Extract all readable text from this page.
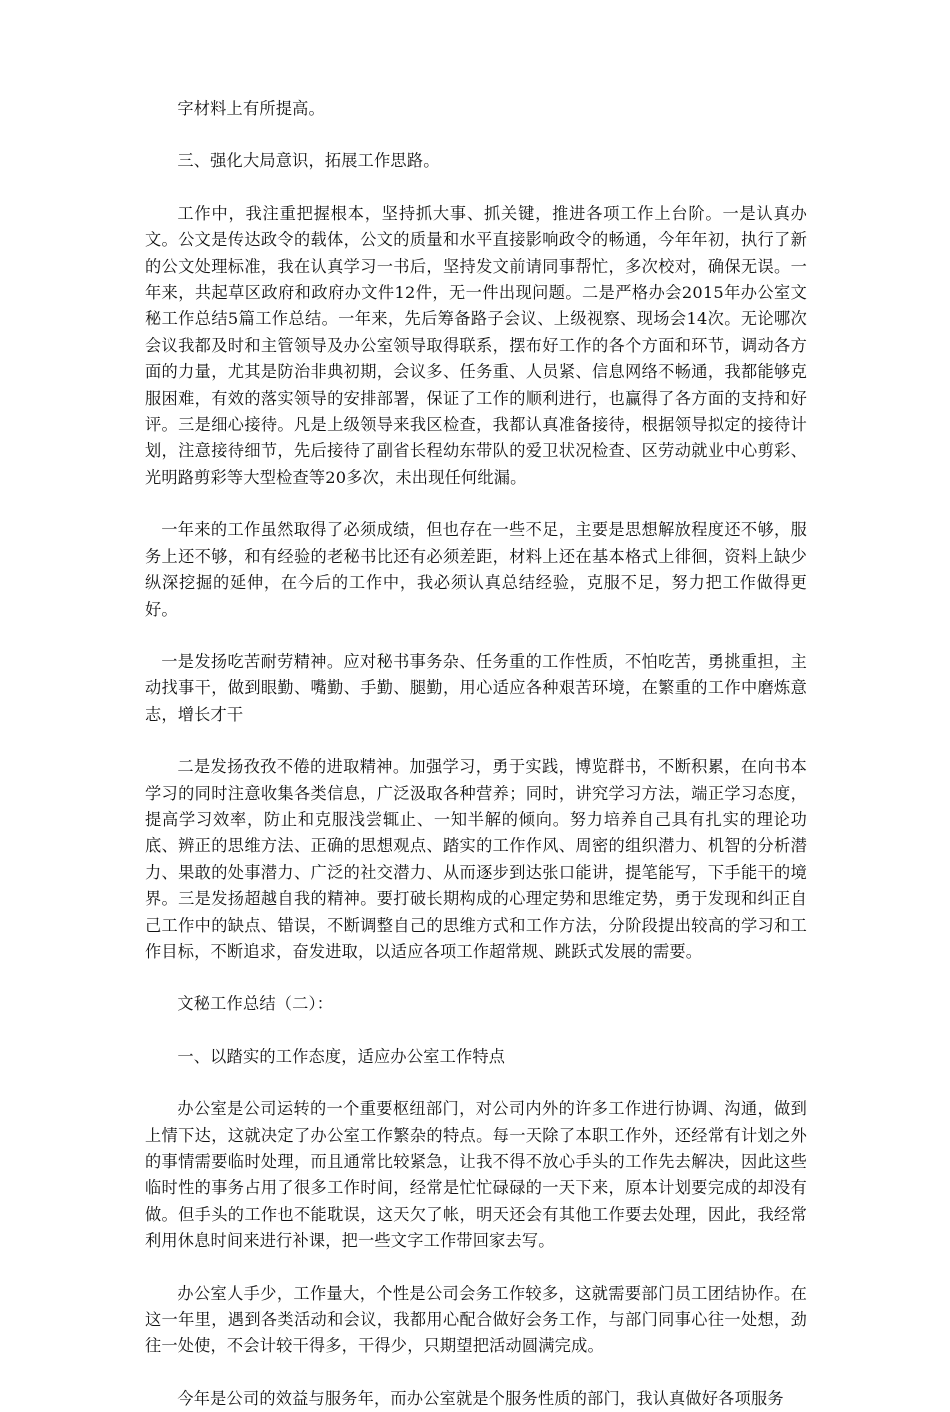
字材料上有所提高。

三、强化大局意识，拓展工作思路。

工作中，我注重把握根本，坚持抓大事、抓关键，推进各项工作上台阶。一是认真办文。公文是传达政令的载体，公文的质量和水平直接影响政令的畅通，今年年初，执行了新的公文处理标准，我在认真学习一书后，坚持发文前请同事帮忙，多次校对，确保无误。一年来，共起草区政府和政府办文件12件，无一件出现问题。二是严格办会2015年办公室文秘工作总结5篇工作总结。一年来，先后筹备路子会议、上级视察、现场会14次。无论哪次会议我都及时和主管领导及办公室领导取得联系，摆布好工作的各个方面和环节，调动各方面的力量，尤其是防治非典初期，会议多、任务重、人员紧、信息网络不畅通，我都能够克服困难，有效的落实领导的安排部署，保证了工作的顺利进行，也赢得了各方面的支持和好评。三是细心接待。凡是上级领导来我区检查，我都认真准备接待，根据领导拟定的接待计划，注意接待细节，先后接待了副省长程幼东带队的爱卫状况检查、区劳动就业中心剪彩、光明路剪彩等大型检查等20多次，未出现任何纰漏。

一年来的工作虽然取得了必须成绩，但也存在一些不足，主要是思想解放程度还不够，服务上还不够，和有经验的老秘书比还有必须差距，材料上还在基本格式上徘徊，资料上缺少纵深挖掘的延伸，在今后的工作中，我必须认真总结经验，克服不足，努力把工作做得更好。

一是发扬吃苦耐劳精神。应对秘书事务杂、任务重的工作性质，不怕吃苦，勇挑重担，主动找事干，做到眼勤、嘴勤、手勤、腿勤，用心适应各种艰苦环境，在繁重的工作中磨炼意志，增长才干

二是发扬孜孜不倦的进取精神。加强学习，勇于实践，博览群书，不断积累，在向书本学习的同时注意收集各类信息，广泛汲取各种营养；同时，讲究学习方法，端正学习态度，提高学习效率，防止和克服浅尝辄止、一知半解的倾向。努力培养自己具有扎实的理论功底、辨正的思维方法、正确的思想观点、踏实的工作作风、周密的组织潜力、机智的分析潜力、果敢的处事潜力、广泛的社交潜力、从而逐步到达张口能讲，提笔能写，下手能干的境界。三是发扬超越自我的精神。要打破长期构成的心理定势和思维定势，勇于发现和纠正自己工作中的缺点、错误，不断调整自己的思维方式和工作方法，分阶段提出较高的学习和工作目标，不断追求，奋发进取，以适应各项工作超常规、跳跃式发展的需要。

文秘工作总结（二）：

一、以踏实的工作态度，适应办公室工作特点

办公室是公司运转的一个重要枢纽部门，对公司内外的许多工作进行协调、沟通，做到上情下达，这就决定了办公室工作繁杂的特点。每一天除了本职工作外，还经常有计划之外的事情需要临时处理，而且通常比较紧急，让我不得不放心手头的工作先去解决，因此这些临时性的事务占用了很多工作时间，经常是忙忙碌碌的一天下来，原本计划要完成的却没有做。但手头的工作也不能耽误，这天欠了帐，明天还会有其他工作要去处理，因此，我经常利用休息时间来进行补课，把一些文字工作带回家去写。

办公室人手少，工作量大，个性是公司会务工作较多，这就需要部门员工团结协作。在这一年里，遇到各类活动和会议，我都用心配合做好会务工作，与部门同事心往一处想，劲往一处使，不会计较干得多，干得少，只期望把活动圆满完成。

今年是公司的效益与服务年，而办公室就是个服务性质的部门，我认真做好各项服务
